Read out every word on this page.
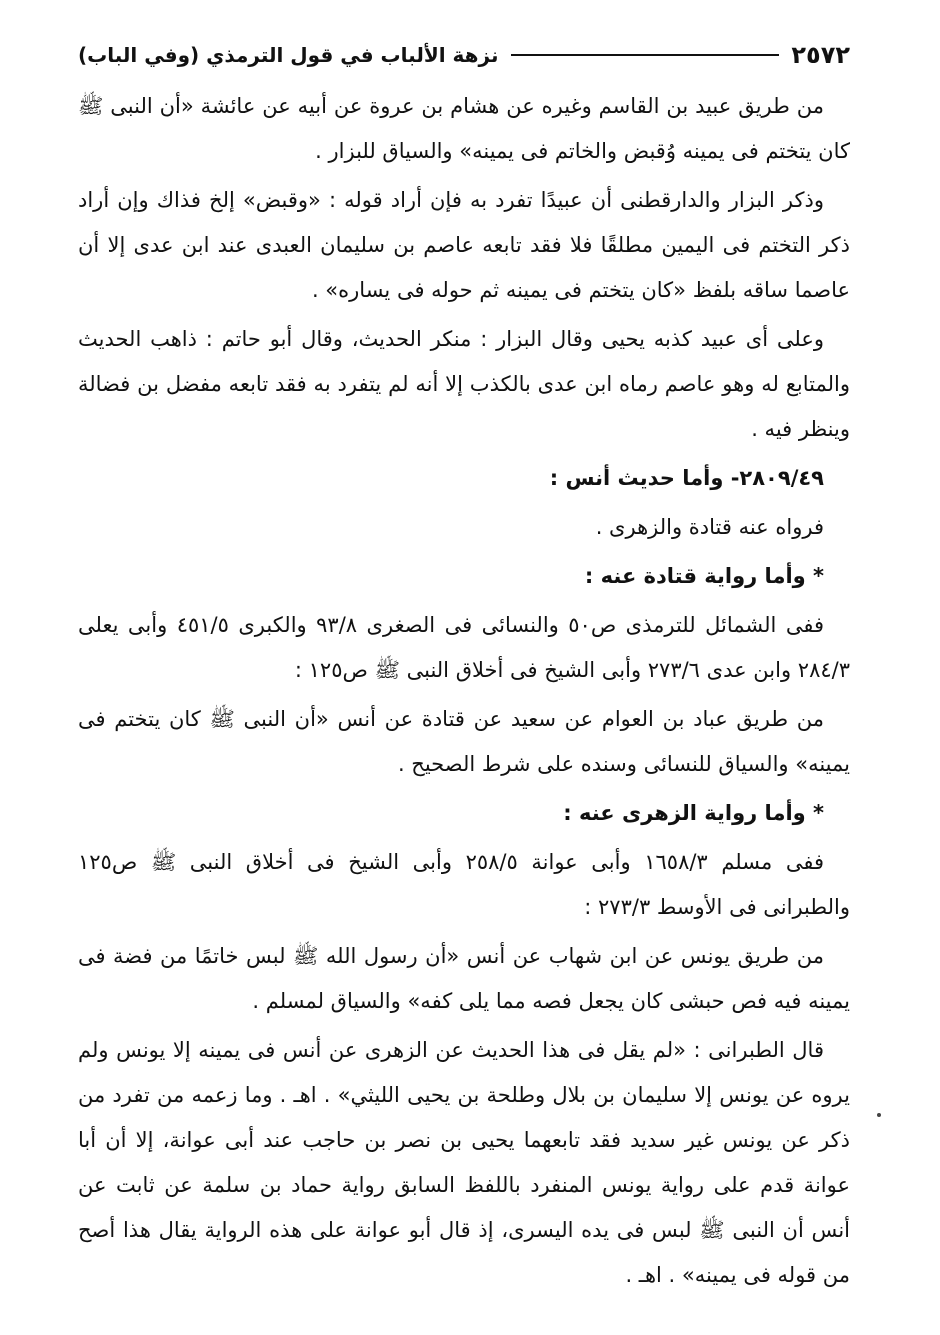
٢٥٧٢
نزهة الألباب في قول الترمذي (وفي الباب)

من طريق عبيد بن القاسم وغيره عن هشام بن عروة عن أبيه عن عائشة «أن النبى ﷺ كان يتختم فى يمينه وُقبض والخاتم فى يمينه» والسياق للبزار .

وذكر البزار والدارقطنى أن عبيدًا تفرد به فإن أراد قوله : «وقبض» إلخ فذاك وإن أراد ذكر التختم فى اليمين مطلقًا فلا فقد تابعه عاصم بن سليمان العبدى عند ابن عدى إلا أن عاصما ساقه بلفظ «كان يتختم فى يمينه ثم حوله فى يساره» .

وعلى أى عبيد كذبه يحيى وقال البزار : منكر الحديث، وقال أبو حاتم : ذاهب الحديث والمتابع له وهو عاصم رماه ابن عدى بالكذب إلا أنه لم يتفرد به فقد تابعه مفضل بن فضالة وينظر فيه .

٢٨٠٩/٤٩- وأما حديث أنس :

فرواه عنه قتادة والزهرى .

* وأما رواية قتادة عنه :

ففى الشمائل للترمذى ص٥٠ والنسائى فى الصغرى ٩٣/٨ والكبرى ٤٥١/٥ وأبى يعلى ٢٨٤/٣ وابن عدى ٢٧٣/٦ وأبى الشيخ فى أخلاق النبى ﷺ ص١٢٥ :

من طريق عباد بن العوام عن سعيد عن قتادة عن أنس «أن النبى ﷺ كان يتختم فى يمينه» والسياق للنسائى وسنده على شرط الصحيح .

* وأما رواية الزهرى عنه :

ففى مسلم ١٦٥٨/٣ وأبى عوانة ٢٥٨/٥ وأبى الشيخ فى أخلاق النبى ﷺ ص١٢٥ والطبرانى فى الأوسط ٢٧٣/٣ :

من طريق يونس عن ابن شهاب عن أنس «أن رسول الله ﷺ لبس خاتمًا من فضة فى يمينه فيه فص حبشى كان يجعل فصه مما يلى كفه» والسياق لمسلم .

قال الطبرانى : «لم يقل فى هذا الحديث عن الزهرى عن أنس فى يمينه إلا يونس ولم يروه عن يونس إلا سليمان بن بلال وطلحة بن يحيى الليثي» . اهـ . وما زعمه من تفرد من ذكر عن يونس غير سديد فقد تابعهما يحيى بن نصر بن حاجب عند أبى عوانة، إلا أن أبا عوانة قدم على رواية يونس المنفرد باللفظ السابق رواية حماد بن سلمة عن ثابت عن أنس أن النبى ﷺ لبس فى يده اليسرى، إذ قال أبو عوانة على هذه الرواية يقال هذا أصح من قوله فى يمينه» . اهـ .
